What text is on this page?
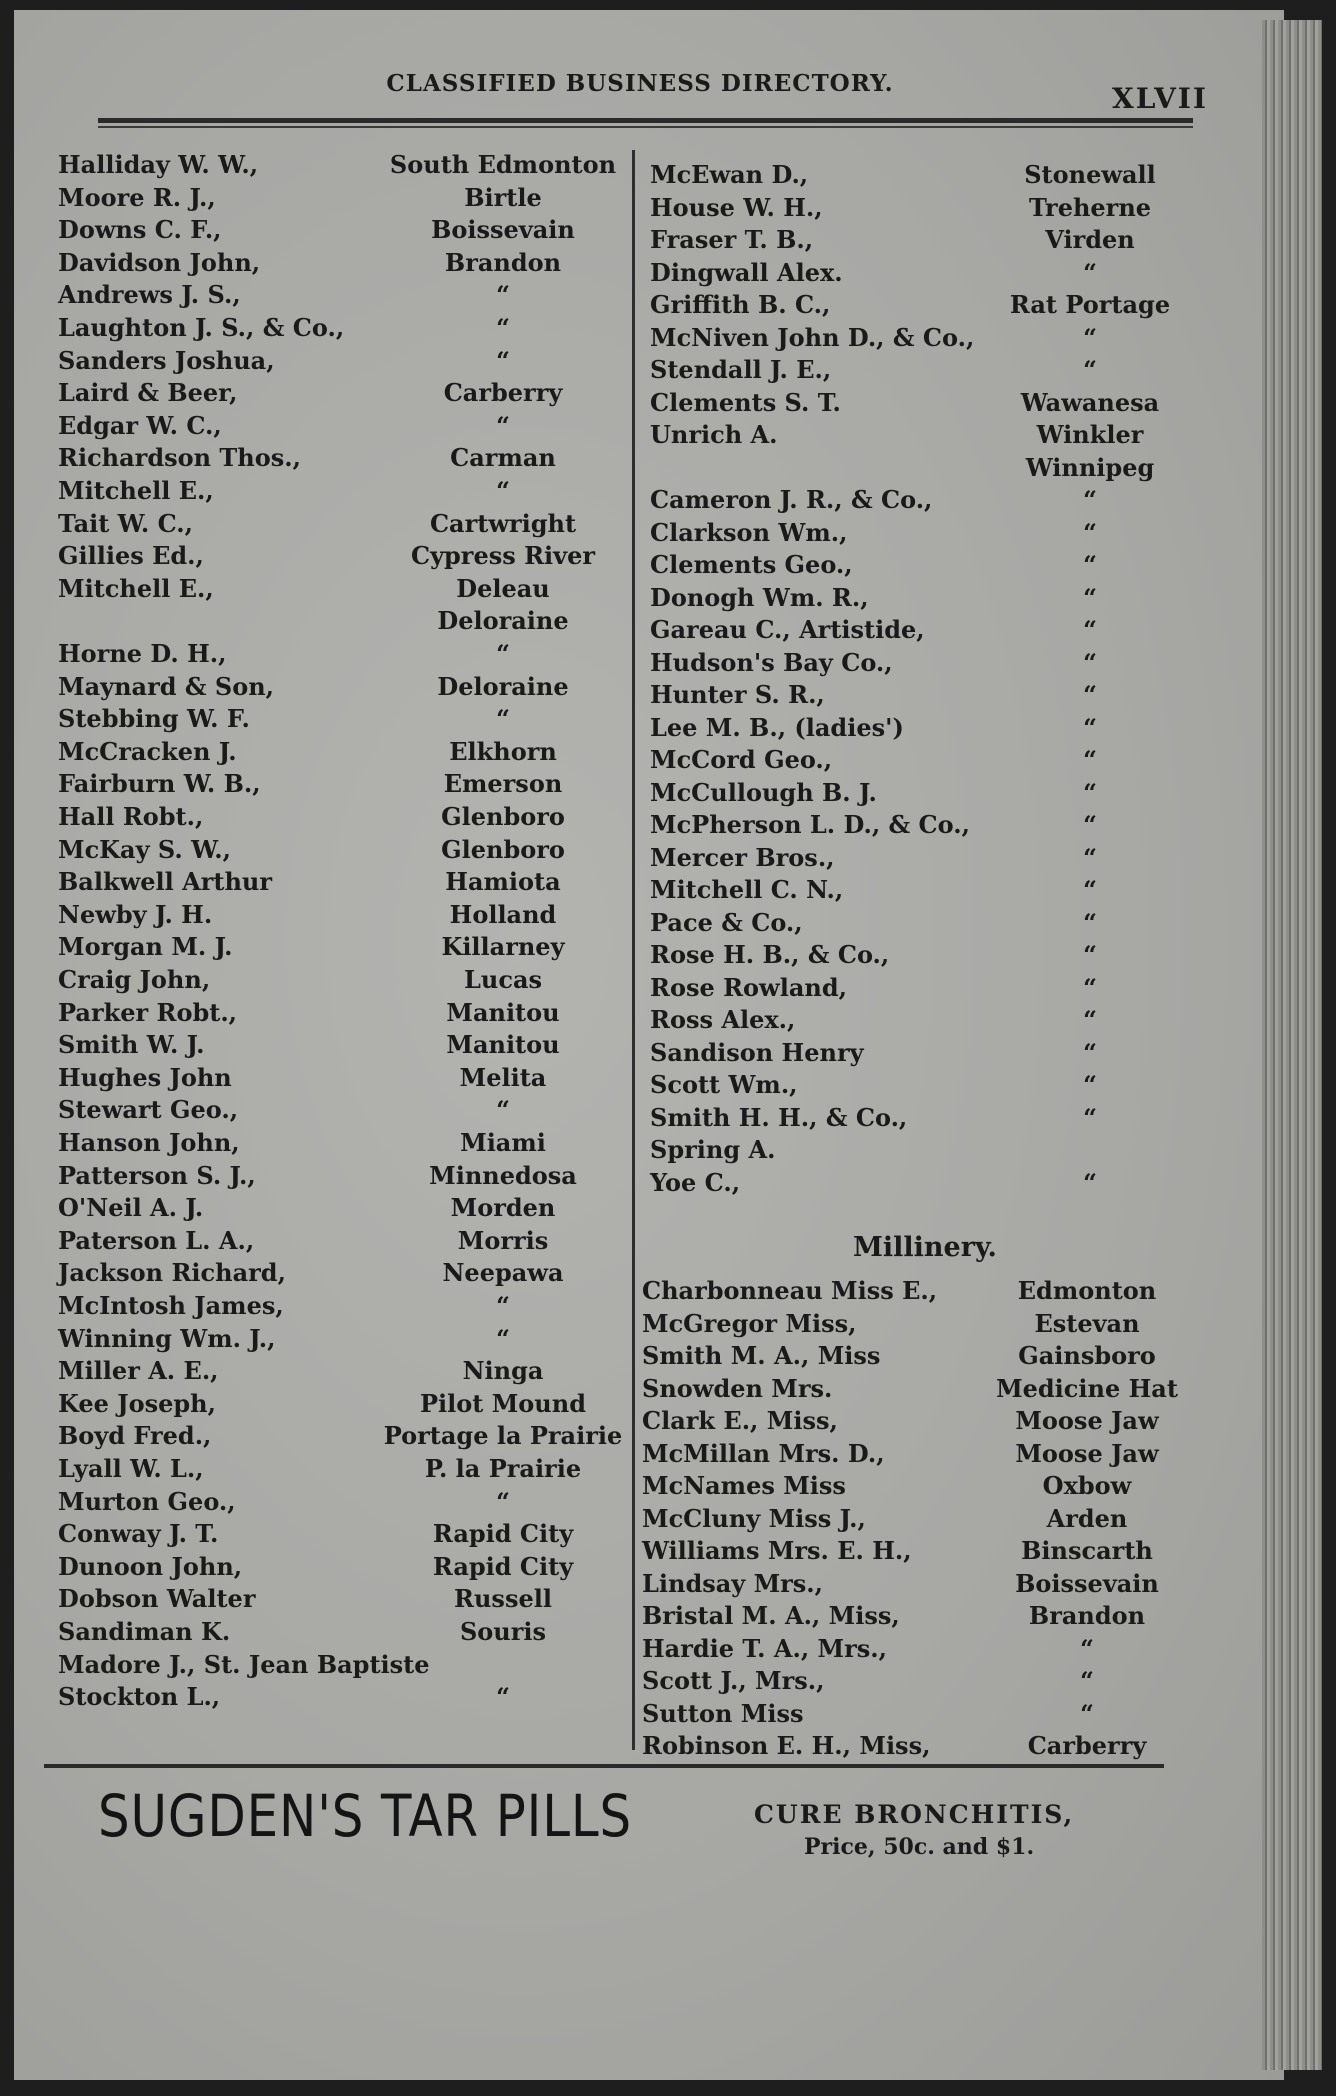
CLASSIFIED BUSINESS DIRECTORY.	XLVII
Halliday W. W.,	South Edmonton
Moore R. J.,	Birtle
Downs C. F.,	Boissevain
Davidson John,	Brandon
Andrews J. S.,	“
Laughton J. S., & Co.,	“
Sanders Joshua,	“
Laird & Beer,	Carberry
Edgar W. C.,	“
Richardson Thos.,	Carman
Mitchell E.,	“
Tait W. C.,	Cartwright
Gillies Ed.,	Cypress River
Mitchell E.,	Deleau
Deloraine
Horne D. H.,	“
Maynard & Son,	Deloraine
Stebbing W. F.	“
McCracken J.	Elkhorn
Fairburn W. B.,	Emerson
Hall Robt.,	Glenboro
McKay S. W.,	Glenboro
Balkwell Arthur	Hamiota
Newby J. H.	Holland
Morgan M. J.	Killarney
Craig John,	Lucas
Parker Robt.,	Manitou
Smith W. J.	Manitou
Hughes John	Melita
Stewart Geo.,	“
Hanson John,	Miami
Patterson S. J.,	Minnedosa
O'Neil A. J.	Morden
Paterson L. A.,	Morris
Jackson Richard,	Neepawa
McIntosh James,	“
Winning Wm. J.,	“
Miller A. E.,	Ninga
Kee Joseph,	Pilot Mound
Boyd Fred.,	Portage la Prairie
Lyall W. L.,	P. la Prairie
Murton Geo.,	“
Conway J. T.	Rapid City
Dunoon John,	Rapid City
Dobson Walter	Russell
Sandiman K.	Souris
Madore J., St. Jean Baptiste
Stockton L.,	“
McEwan D.,	Stonewall
House W. H.,	Treherne
Fraser T. B.,	Virden
Dingwall Alex.	“
Griffith B. C.,	Rat Portage
McNiven John D., & Co.,	“
Stendall J. E.,	“
Clements S. T.	Wawanesa
Unrich A.	Winkler
Winnipeg
Cameron J. R., & Co.,	“
Clarkson Wm.,	“
Clements Geo.,	“
Donogh Wm. R.,	“
Gareau C., Artistide,	“
Hudson's Bay Co.,	“
Hunter S. R.,	“
Lee M. B., (ladies')	“
McCord Geo.,	“
McCullough B. J.	“
McPherson L. D., & Co.,	“
Mercer Bros.,	“
Mitchell C. N.,	“
Pace & Co.,	“
Rose H. B., & Co.,	“
Rose Rowland,	“
Ross Alex.,	“
Sandison Henry	“
Scott Wm.,	“
Smith H. H., & Co.,	“
Spring A.
Yoe C.,	“
Millinery.
Charbonneau Miss E.,	Edmonton
McGregor Miss,	Estevan
Smith M. A., Miss	Gainsboro
Snowden Mrs.	Medicine Hat
Clark E., Miss,	Moose Jaw
McMillan Mrs. D.,	Moose Jaw
McNames Miss	Oxbow
McCluny Miss J.,	Arden
Williams Mrs. E. H.,	Binscarth
Lindsay Mrs.,	Boissevain
Bristal M. A., Miss,	Brandon
Hardie T. A., Mrs.,	“
Scott J., Mrs.,	“
Sutton Miss	“
Robinson E. H., Miss,	Carberry
SUGDEN'S TAR PILLS	CURE BRONCHITIS,
Price, 50c. and $1.
